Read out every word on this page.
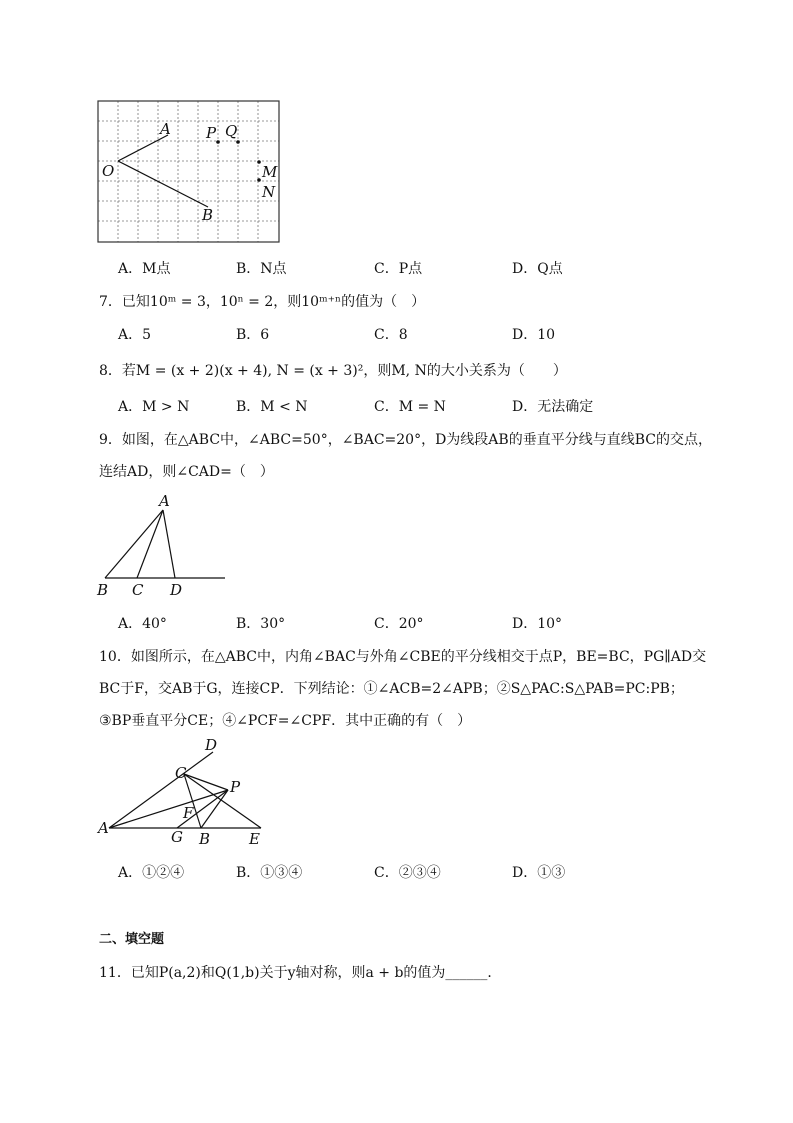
A
O
B
P Q
M
N
A．M点	B．N点	C．P点	D．Q点
7．已知10ᵐ = 3，10ⁿ = 2，则10ᵐ⁺ⁿ的值为（　）
A．5	B．6	C．8	D．10
8．若M = (x + 2)(x + 4), N = (x + 3)²，则M, N的大小关系为（　　）
A．M > N	B．M < N	C．M = N	D．无法确定
9．如图，在△ABC中，∠ABC=50°，∠BAC=20°，D为线段AB的垂直平分线与直线BC的交点，
连结AD，则∠CAD=（　）
A
B C D
A．40°	B．30°	C．20°	D．10°
10．如图所示，在△ABC中，内角∠BAC与外角∠CBE的平分线相交于点P，BE=BC，PG∥AD交
BC于F，交AB于G，连接CP．下列结论：①∠ACB=2∠APB；②S△PAC:S△PAB=PC:PB；
③BP垂直平分CE；④∠PCF=∠CPF．其中正确的有（　）
D
C
P
F
A	G B	E
A．①②④	B．①③④	C．②③④	D．①③
二、填空题
11．已知P(a,2)和Q(1,b)关于y轴对称，则a + b的值为______．
